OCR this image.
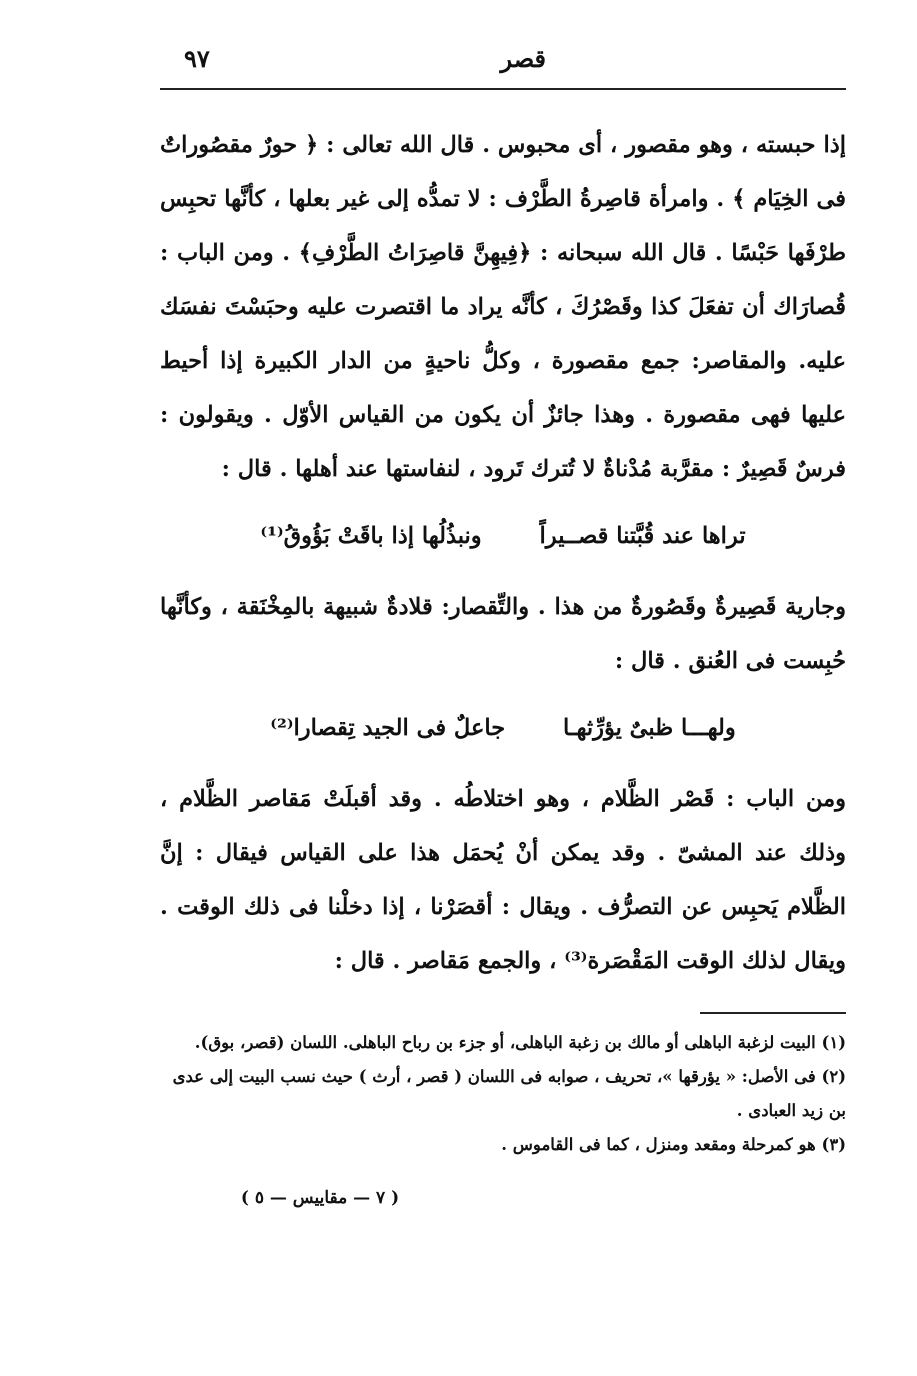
قصر
٩٧

إذا حبسته ، وهو مقصور ، أى محبوس . قال الله تعالى : ﴿ حورٌ مقصُوراتٌ فى الخِيَام ﴾ . وامرأة قاصِرةُ الطَّرْف : لا تمدُّه إلى غير بعلها ، كأنَّها تحبِس طرْفَها حَبْسًا . قال الله سبحانه : ﴿فِيهِنَّ قاصِرَاتُ الطَّرْفِ﴾ . ومن الباب : قُصارَاك أن تفعَلَ كذا وقَصْرُكَ ، كأنَّه يراد ما اقتصرت عليه وحبَسْتَ نفسَك عليه. والمقاصر: جمع مقصورة ، وكلُّ ناحيةٍ من الدار الكبيرة إذا أحيط عليها فهى مقصورة . وهذا جائزٌ أن يكون من القياس الأوّل . ويقولون : فرسٌ قَصِيرٌ : مقرَّبة مُدْناةٌ لا تُترك تَرود ، لنفاستها عند أهلها . قال :

تراها عند قُبَّتنا قصــيراً ونبذُلُها إذا باقَتْ بَؤُوقُ⁽¹⁾

وجارية قَصِيرةٌ وقَصُورةٌ من هذا . والتِّقصار: قلادةٌ شبيهة بالمِخْنَقة ، وكأنَّها حُبِست فى العُنق . قال :

ولهـــا ظبىٌ يؤرِّثهـا جاعلٌ فى الجيد تِقصارا⁽²⁾

ومن الباب : قَصْر الظَّلام ، وهو اختلاطُه . وقد أقبلَتْ مَقاصر الظَّلام ، وذلك عند المشىّ . وقد يمكن أنْ يُحمَل هذا على القياس فيقال : إنَّ الظَّلام يَحبِس عن التصرُّف . ويقال : أقصَرْنا ، إذا دخلْنا فى ذلك الوقت . ويقال لذلك الوقت المَقْصَرة⁽³⁾ ، والجمع مَقاصر . قال :

(١) البيت لزغبة الباهلى أو مالك بن زغبة الباهلى، أو جزء بن رباح الباهلى. اللسان (قصر، بوق).

(٢) فى الأصل: « يؤرقها »، تحريف ، صوابه فى اللسان ( قصر ، أرث ) حيث نسب البيت إلى عدى بن زيد العبادى .

(٣) هو كمرحلة ومقعد ومنزل ، كما فى القاموس .

( ٧ — مقاييس — ٥ )
